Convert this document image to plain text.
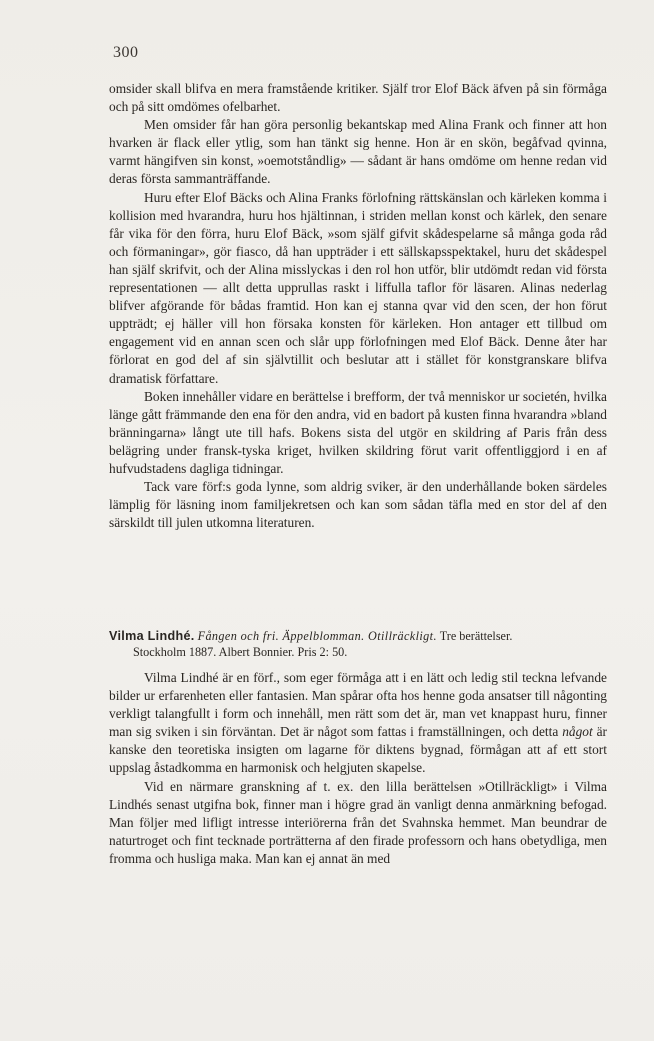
300

omsider skall blifva en mera framstående kritiker. Själf tror Elof Bäck äfven på sin förmåga och på sitt omdömes ofelbarhet.

Men omsider får han göra personlig bekantskap med Alina Frank och finner att hon hvarken är flack eller ytlig, som han tänkt sig henne. Hon är en skön, begåfvad qvinna, varmt hängifven sin konst, »oemotståndlig» — sådant är hans omdöme om henne redan vid deras första sammanträffande.

Huru efter Elof Bäcks och Alina Franks förlofning rättskänslan och kärleken komma i kollision med hvarandra, huru hos hjältinnan, i striden mellan konst och kärlek, den senare får vika för den förra, huru Elof Bäck, »som själf gifvit skådespelarne så många goda råd och förmaningar», gör fiasco, då han uppträder i ett sällskapsspektakel, huru det skådespel han själf skrifvit, och der Alina misslyckas i den rol hon utför, blir utdömdt redan vid första representationen — allt detta upprullas raskt i liffulla taflor för läsaren. Alinas nederlag blifver afgörande för bådas framtid. Hon kan ej stanna qvar vid den scen, der hon förut uppträdt; ej häller vill hon försaka konsten för kärleken. Hon antager ett tillbud om engagement vid en annan scen och slår upp förlofningen med Elof Bäck. Denne åter har förlorat en god del af sin självtillit och beslutar att i stället för konstgranskare blifva dramatisk författare.

Boken innehåller vidare en berättelse i brefform, der två menniskor ur societén, hvilka länge gått främmande den ena för den andra, vid en badort på kusten finna hvarandra »bland bränningarna» långt ute till hafs. Bokens sista del utgör en skildring af Paris från dess belägring under fransk-tyska kriget, hvilken skildring förut varit offentliggjord i en af hufvudstadens dagliga tidningar.

Tack vare förf:s goda lynne, som aldrig sviker, är den underhållande boken särdeles lämplig för läsning inom familjekretsen och kan som sådan täfla med en stor del af den särskildt till julen utkomna literaturen.

Vilma Lindhé. Fången och fri. Äppelblomman. Otillräckligt. Tre berättelser.
Stockholm 1887. Albert Bonnier. Pris 2: 50.

Vilma Lindhé är en förf., som eger förmåga att i en lätt och ledig stil teckna lefvande bilder ur erfarenheten eller fantasien. Man spårar ofta hos henne goda ansatser till någonting verkligt talangfullt i form och innehåll, men rätt som det är, man vet knappast huru, finner man sig sviken i sin förväntan. Det är något som fattas i framställningen, och detta något är kanske den teoretiska insigten om lagarne för diktens bygnad, förmågan att af ett stort uppslag åstadkomma en harmonisk och helgjuten skapelse.

Vid en närmare granskning af t. ex. den lilla berättelsen »Otillräckligt» i Vilma Lindhés senast utgifna bok, finner man i högre grad än vanligt denna anmärkning befogad. Man följer med lifligt intresse interiörerna från det Svahnska hemmet. Man beundrar de naturtroget och fint tecknade porträtterna af den firade professorn och hans obetydliga, men fromma och husliga maka. Man kan ej annat än med
